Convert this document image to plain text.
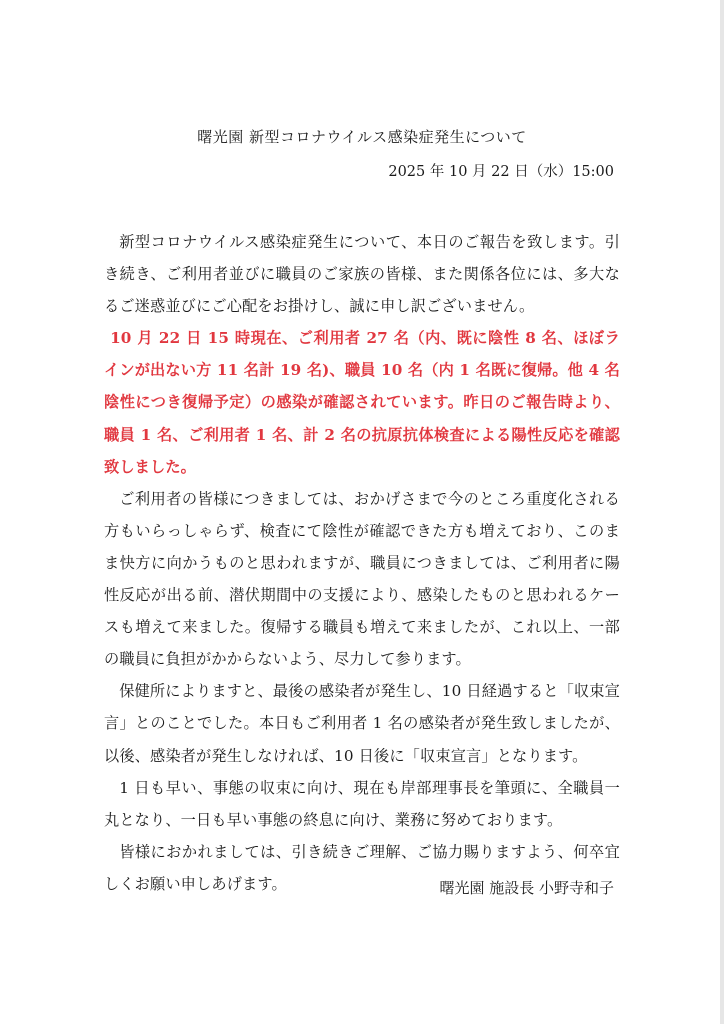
曙光園 新型コロナウイルス感染症発生について
2025 年 10 月 22 日（水）15:00

新型コロナウイルス感染症発生について、本日のご報告を致します。引き続き、ご利用者並びに職員のご家族の皆様、また関係各位には、多大なるご迷惑並びにご心配をお掛けし、誠に申し訳ございません。

10 月 22 日 15 時現在、ご利用者 27 名（内、既に陰性 8 名、ほぼラインが出ない方 11 名計 19 名)、職員 10 名（内 1 名既に復帰。他 4 名陰性につき復帰予定）の感染が確認されています。昨日のご報告時より、職員 1 名、ご利用者 1 名、計 2 名の抗原抗体検査による陽性反応を確認致しました。

ご利用者の皆様につきましては、おかげさまで今のところ重度化される方もいらっしゃらず、検査にて陰性が確認できた方も増えており、このまま快方に向かうものと思われますが、職員につきましては、ご利用者に陽性反応が出る前、潜伏期間中の支援により、感染したものと思われるケースも増えて来ました。復帰する職員も増えて来ましたが、これ以上、一部の職員に負担がかからないよう、尽力して参ります。

保健所によりますと、最後の感染者が発生し、10 日経過すると「収束宣言」とのことでした。本日もご利用者 1 名の感染者が発生致しましたが、以後、感染者が発生しなければ、10 日後に「収束宣言」となります。

1 日も早い、事態の収束に向け、現在も岸部理事長を筆頭に、全職員一丸となり、一日も早い事態の終息に向け、業務に努めております。

皆様におかれましては、引き続きご理解、ご協力賜りますよう、何卒宜しくお願い申しあげます。	曙光園 施設長 小野寺和子
